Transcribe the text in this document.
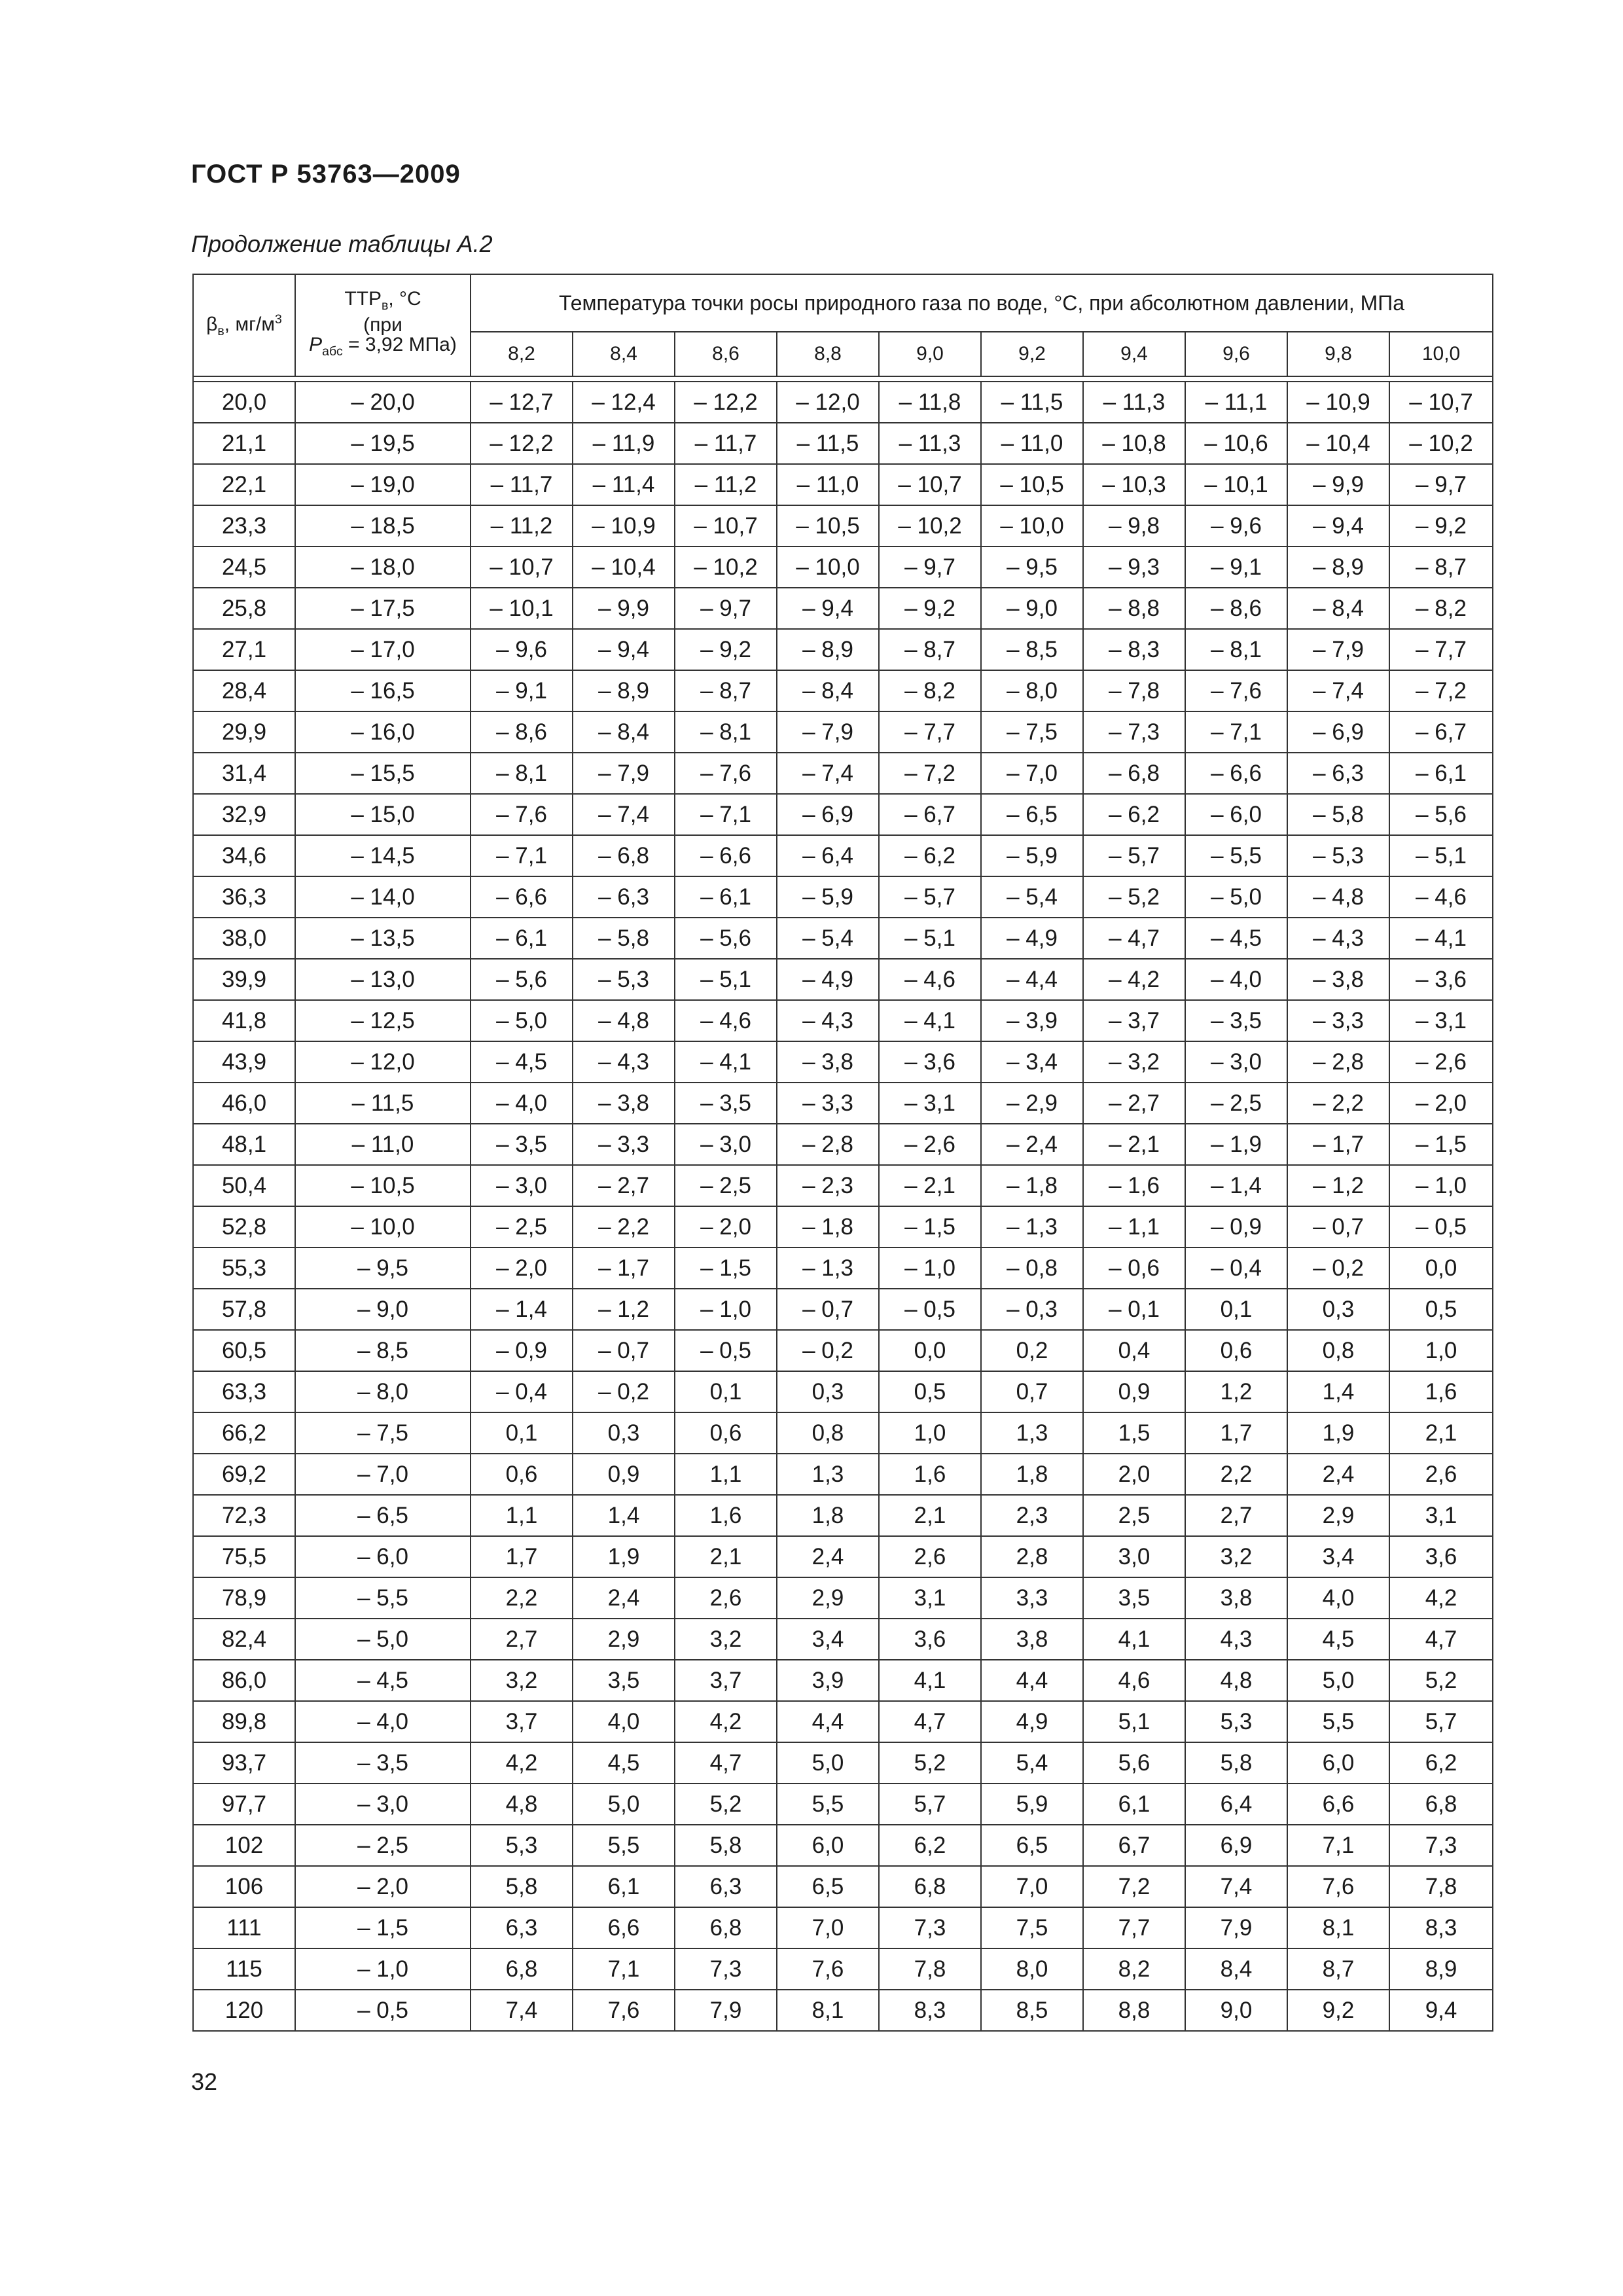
ГОСТ Р 53763—2009
Продолжение таблицы А.2
$\beta_в$, $мг/м^3$	$ТТР_в$, °С
(при
$P_{абс} = 3,92$ МПа)	Температура точки росы природного газа по воде, °С, при абсолютном давлении, МПа									
		8,2	8,4	8,6	8,8	9,0	9,2	9,4	9,6	9,8	10,0

20,0	– 20,0	– 12,7	– 12,4	– 12,2	– 12,0	– 11,8	– 11,5	– 11,3	– 11,1	– 10,9	– 10,7
21,1	– 19,5	– 12,2	– 11,9	– 11,7	– 11,5	– 11,3	– 11,0	– 10,8	– 10,6	– 10,4	– 10,2
22,1	– 19,0	– 11,7	– 11,4	– 11,2	– 11,0	– 10,7	– 10,5	– 10,3	– 10,1	– 9,9	– 9,7
23,3	– 18,5	– 11,2	– 10,9	– 10,7	– 10,5	– 10,2	– 10,0	– 9,8	– 9,6	– 9,4	– 9,2
24,5	– 18,0	– 10,7	– 10,4	– 10,2	– 10,0	– 9,7	– 9,5	– 9,3	– 9,1	– 8,9	– 8,7
25,8	– 17,5	– 10,1	– 9,9	– 9,7	– 9,4	– 9,2	– 9,0	– 8,8	– 8,6	– 8,4	– 8,2
27,1	– 17,0	– 9,6	– 9,4	– 9,2	– 8,9	– 8,7	– 8,5	– 8,3	– 8,1	– 7,9	– 7,7
28,4	– 16,5	– 9,1	– 8,9	– 8,7	– 8,4	– 8,2	– 8,0	– 7,8	– 7,6	– 7,4	– 7,2
29,9	– 16,0	– 8,6	– 8,4	– 8,1	– 7,9	– 7,7	– 7,5	– 7,3	– 7,1	– 6,9	– 6,7
31,4	– 15,5	– 8,1	– 7,9	– 7,6	– 7,4	– 7,2	– 7,0	– 6,8	– 6,6	– 6,3	– 6,1
32,9	– 15,0	– 7,6	– 7,4	– 7,1	– 6,9	– 6,7	– 6,5	– 6,2	– 6,0	– 5,8	– 5,6
34,6	– 14,5	– 7,1	– 6,8	– 6,6	– 6,4	– 6,2	– 5,9	– 5,7	– 5,5	– 5,3	– 5,1
36,3	– 14,0	– 6,6	– 6,3	– 6,1	– 5,9	– 5,7	– 5,4	– 5,2	– 5,0	– 4,8	– 4,6
38,0	– 13,5	– 6,1	– 5,8	– 5,6	– 5,4	– 5,1	– 4,9	– 4,7	– 4,5	– 4,3	– 4,1
39,9	– 13,0	– 5,6	– 5,3	– 5,1	– 4,9	– 4,6	– 4,4	– 4,2	– 4,0	– 3,8	– 3,6
41,8	– 12,5	– 5,0	– 4,8	– 4,6	– 4,3	– 4,1	– 3,9	– 3,7	– 3,5	– 3,3	– 3,1
43,9	– 12,0	– 4,5	– 4,3	– 4,1	– 3,8	– 3,6	– 3,4	– 3,2	– 3,0	– 2,8	– 2,6
46,0	– 11,5	– 4,0	– 3,8	– 3,5	– 3,3	– 3,1	– 2,9	– 2,7	– 2,5	– 2,2	– 2,0
48,1	– 11,0	– 3,5	– 3,3	– 3,0	– 2,8	– 2,6	– 2,4	– 2,1	– 1,9	– 1,7	– 1,5
50,4	– 10,5	– 3,0	– 2,7	– 2,5	– 2,3	– 2,1	– 1,8	– 1,6	– 1,4	– 1,2	– 1,0
52,8	– 10,0	– 2,5	– 2,2	– 2,0	– 1,8	– 1,5	– 1,3	– 1,1	– 0,9	– 0,7	– 0,5
55,3	– 9,5	– 2,0	– 1,7	– 1,5	– 1,3	– 1,0	– 0,8	– 0,6	– 0,4	– 0,2	0,0
57,8	– 9,0	– 1,4	– 1,2	– 1,0	– 0,7	– 0,5	– 0,3	– 0,1	0,1	0,3	0,5
60,5	– 8,5	– 0,9	– 0,7	– 0,5	– 0,2	0,0	0,2	0,4	0,6	0,8	1,0
63,3	– 8,0	– 0,4	– 0,2	0,1	0,3	0,5	0,7	0,9	1,2	1,4	1,6
66,2	– 7,5	0,1	0,3	0,6	0,8	1,0	1,3	1,5	1,7	1,9	2,1
69,2	– 7,0	0,6	0,9	1,1	1,3	1,6	1,8	2,0	2,2	2,4	2,6
72,3	– 6,5	1,1	1,4	1,6	1,8	2,1	2,3	2,5	2,7	2,9	3,1
75,5	– 6,0	1,7	1,9	2,1	2,4	2,6	2,8	3,0	3,2	3,4	3,6
78,9	– 5,5	2,2	2,4	2,6	2,9	3,1	3,3	3,5	3,8	4,0	4,2
82,4	– 5,0	2,7	2,9	3,2	3,4	3,6	3,8	4,1	4,3	4,5	4,7
86,0	– 4,5	3,2	3,5	3,7	3,9	4,1	4,4	4,6	4,8	5,0	5,2
89,8	– 4,0	3,7	4,0	4,2	4,4	4,7	4,9	5,1	5,3	5,5	5,7
93,7	– 3,5	4,2	4,5	4,7	5,0	5,2	5,4	5,6	5,8	6,0	6,2
97,7	– 3,0	4,8	5,0	5,2	5,5	5,7	5,9	6,1	6,4	6,6	6,8
102	– 2,5	5,3	5,5	5,8	6,0	6,2	6,5	6,7	6,9	7,1	7,3
106	– 2,0	5,8	6,1	6,3	6,5	6,8	7,0	7,2	7,4	7,6	7,8
111	– 1,5	6,3	6,6	6,8	7,0	7,3	7,5	7,7	7,9	8,1	8,3
115	– 1,0	6,8	7,1	7,3	7,6	7,8	8,0	8,2	8,4	8,7	8,9
120	– 0,5	7,4	7,6	7,9	8,1	8,3	8,5	8,8	9,0	9,2	9,4
32
